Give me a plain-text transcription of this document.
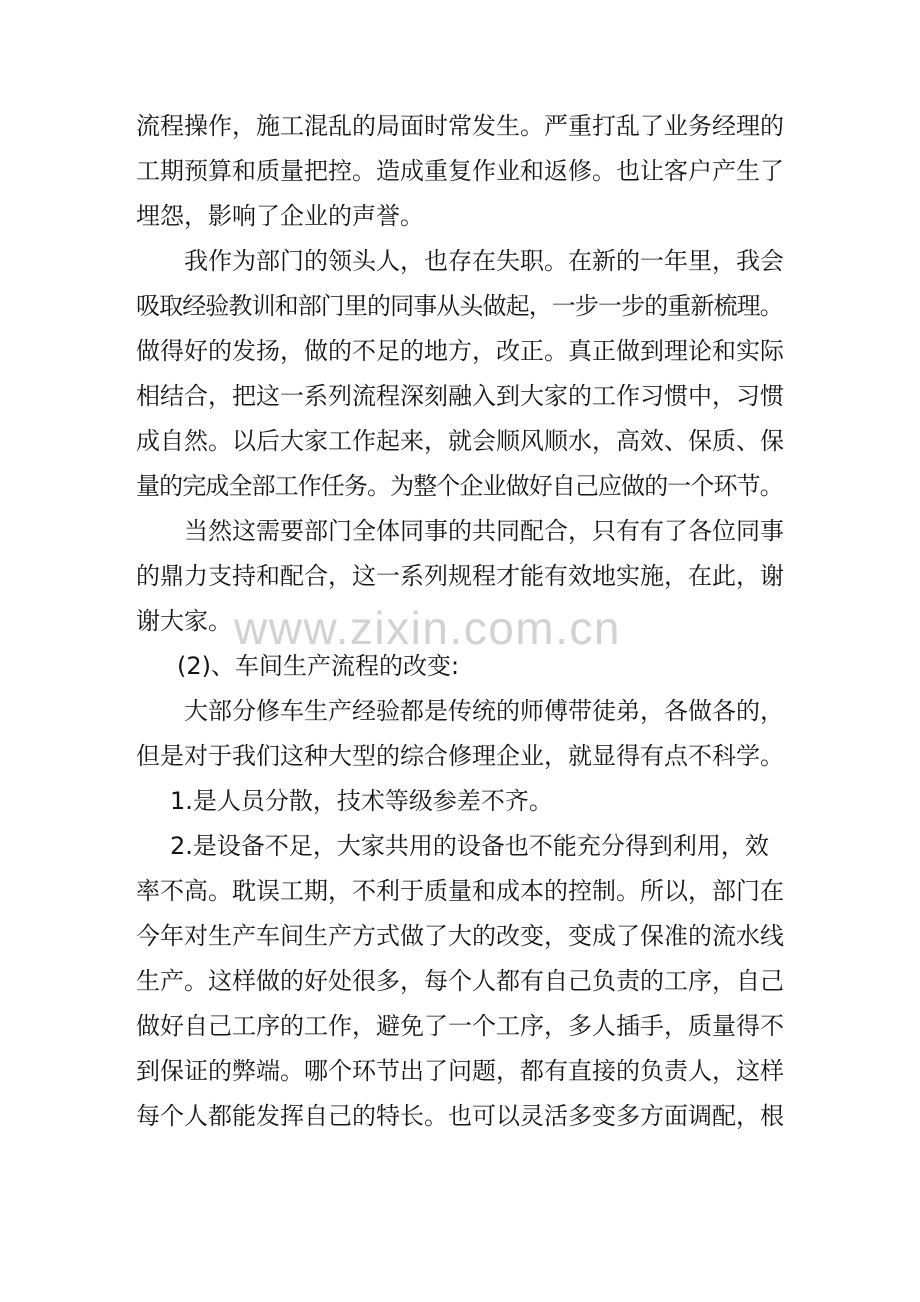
www.zixin.com.cn
流程操作，施工混乱的局面时常发生。严重打乱了业务经理的
工期预算和质量把控。造成重复作业和返修。也让客户产生了
埋怨，影响了企业的声誉。
我作为部门的领头人，也存在失职。在新的一年里，我会
吸取经验教训和部门里的同事从头做起，一步一步的重新梳理。
做得好的发扬，做的不足的地方，改正。真正做到理论和实际
相结合，把这一系列流程深刻融入到大家的工作习惯中，习惯
成自然。以后大家工作起来，就会顺风顺水，高效、保质、保
量的完成全部工作任务。为整个企业做好自己应做的一个环节。
当然这需要部门全体同事的共同配合，只有有了各位同事
的鼎力支持和配合，这一系列规程才能有效地实施，在此，谢
谢大家。
(2)、车间生产流程的改变:
大部分修车生产经验都是传统的师傅带徒弟，各做各的，
但是对于我们这种大型的综合修理企业，就显得有点不科学。
1.是人员分散，技术等级参差不齐。
2.是设备不足，大家共用的设备也不能充分得到利用，效
率不高。耽误工期，不利于质量和成本的控制。所以，部门在
今年对生产车间生产方式做了大的改变，变成了保准的流水线
生产。这样做的好处很多，每个人都有自己负责的工序，自己
做好自己工序的工作，避免了一个工序，多人插手，质量得不
到保证的弊端。哪个环节出了问题，都有直接的负责人，这样
每个人都能发挥自己的特长。也可以灵活多变多方面调配，根
